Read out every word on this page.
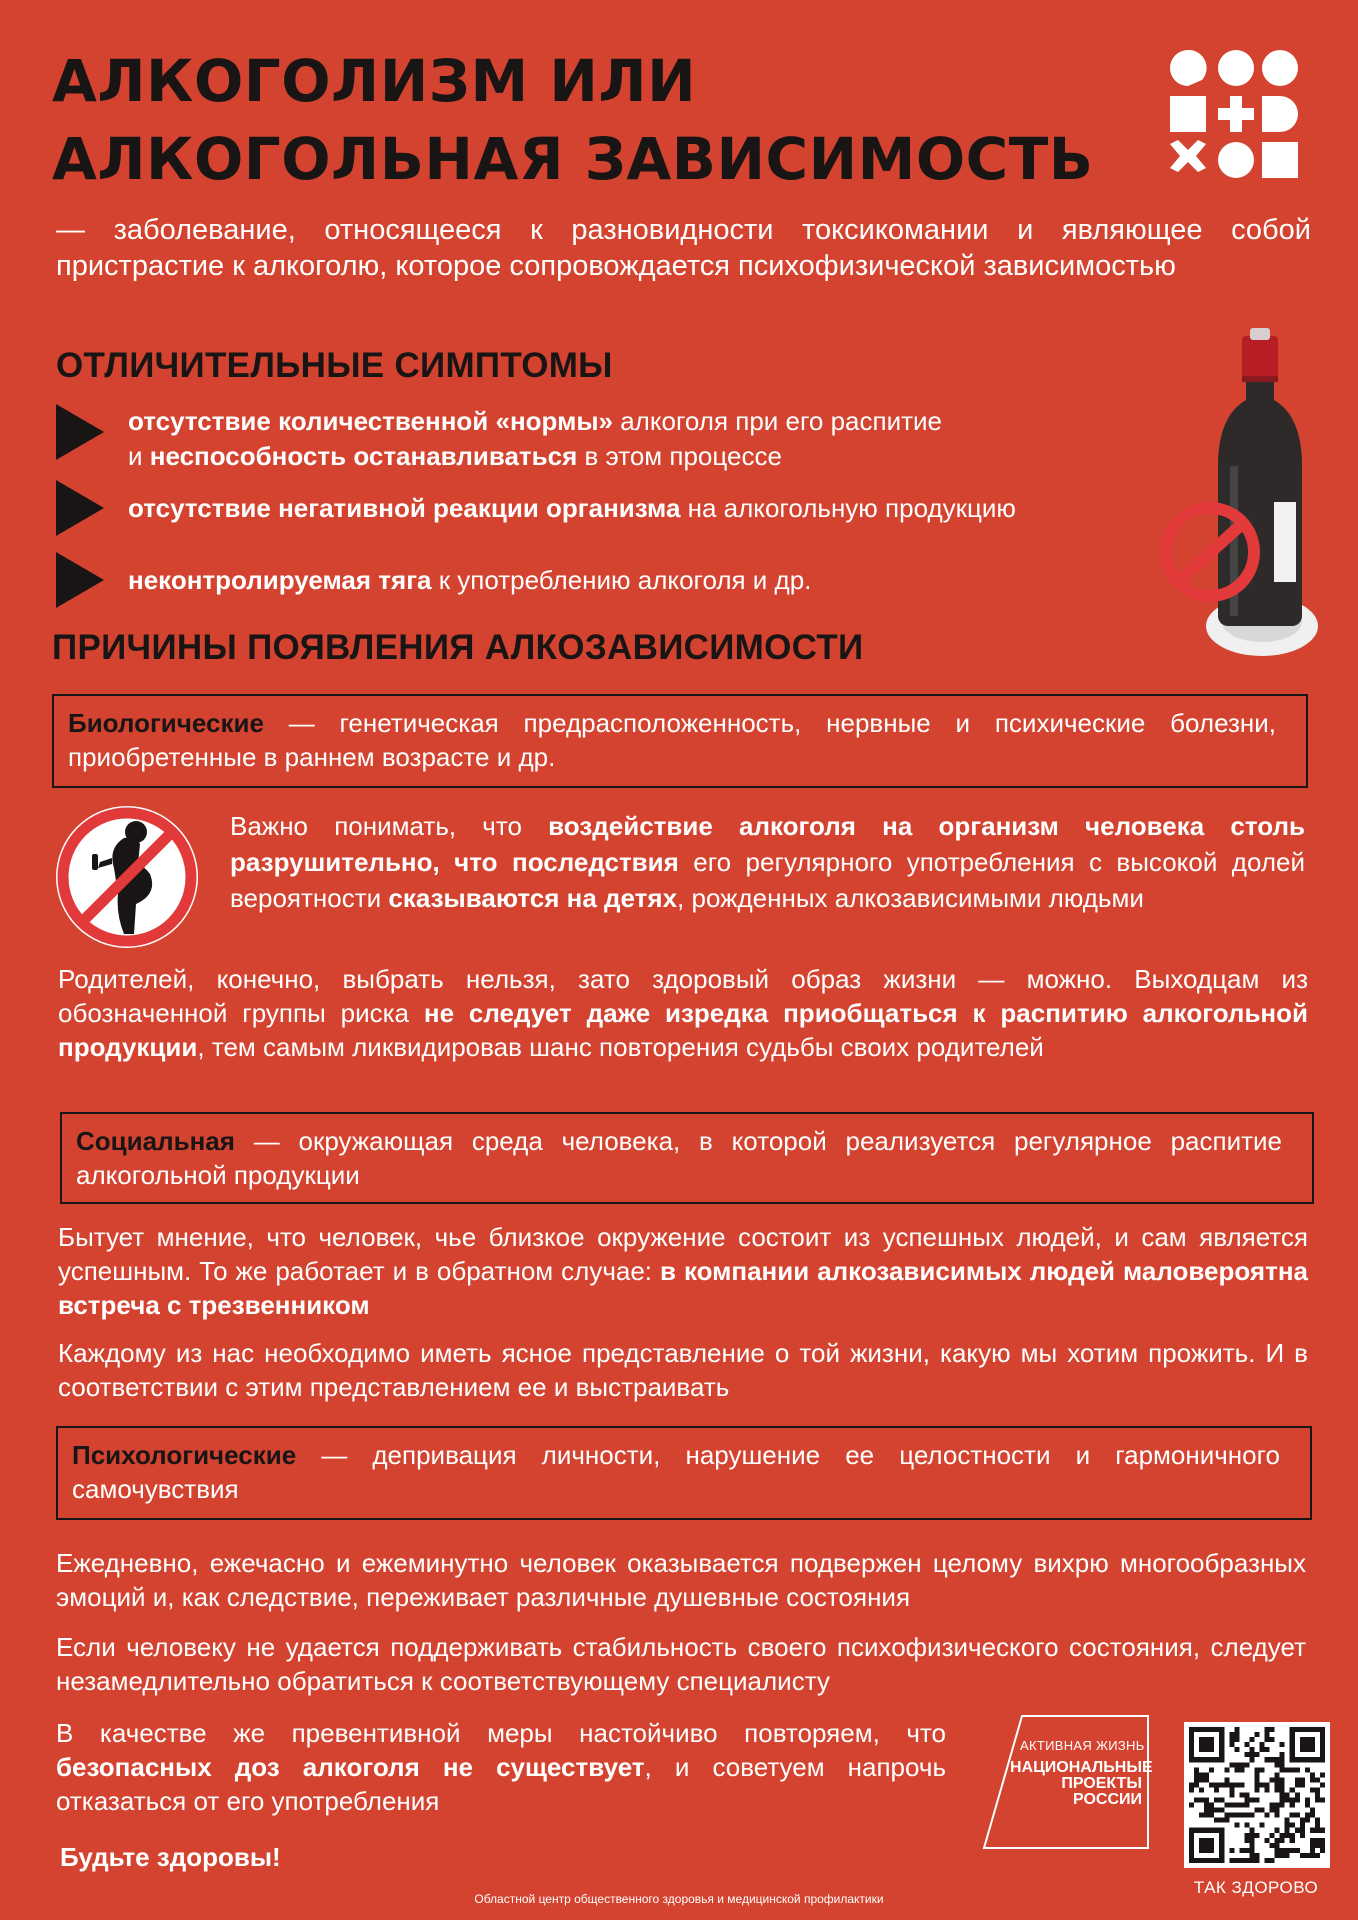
АЛКОГОЛИЗМ ИЛИ
АЛКОГОЛЬНАЯ ЗАВИСИМОСТЬ

— заболевание, относящееся к разновидности токсикомании и являющее собой пристрастие к алкоголю, которое сопровождается психофизической зависимостью

ОТЛИЧИТЕЛЬНЫЕ СИМПТОМЫ
отсутствие количественной «нормы» алкоголя при его распитие
и неспособность останавливаться в этом процессе
отсутствие негативной реакции организма на алкогольную продукцию
неконтролируемая тяга к употреблению алкоголя и др.
ПРИЧИНЫ ПОЯВЛЕНИЯ АЛКОЗАВИСИМОСТИ
Биологические — генетическая предрасположенность, нервные и психические болезни, приобретенные в раннем возрасте и др.

Важно понимать, что воздействие алкоголя на организм человека столь разрушительно, что последствия его регулярного употребления с высокой долей вероятности сказываются на детях, рожденных алкозависимыми людьми

Родителей, конечно, выбрать нельзя, зато здоровый образ жизни — можно. Выходцам из обозначенной группы риска не следует даже изредка приобщаться к распитию алкогольной продукции, тем самым ликвидировав шанс повторения судьбы своих родителей

Социальная — окружающая среда человека, в которой реализуется регулярное распитие алкогольной продукции

Бытует мнение, что человек, чье близкое окружение состоит из успешных людей, и сам является успешным. То же работает и в обратном случае: в компании алкозависимых людей маловероятна встреча с трезвенником

Каждому из нас необходимо иметь ясное представление о той жизни, какую мы хотим прожить. И в соответствии с этим представлением ее и выстраивать

Психологические — депривация личности, нарушение ее целостности и гармоничного самочувствия

Ежедневно, ежечасно и ежеминутно человек оказывается подвержен целому вихрю многообразных эмоций и, как следствие, переживает различные душевные состояния

Если человеку не удается поддерживать стабильность своего психофизического состояния, следует незамедлительно обратиться к соответствующему специалисту

В качестве же превентивной меры настойчиво повторяем, что безопасных доз алкоголя не существует, и советуем напрочь отказаться от его употребления

Будьте здоровы!
АКТИВНАЯ ЖИЗНЬ
НАЦИОНАЛЬНЫЕ
ПРОЕКТЫ
РОССИИ
ТАК ЗДОРОВО
Областной центр общественного здоровья и медицинской профилактики
